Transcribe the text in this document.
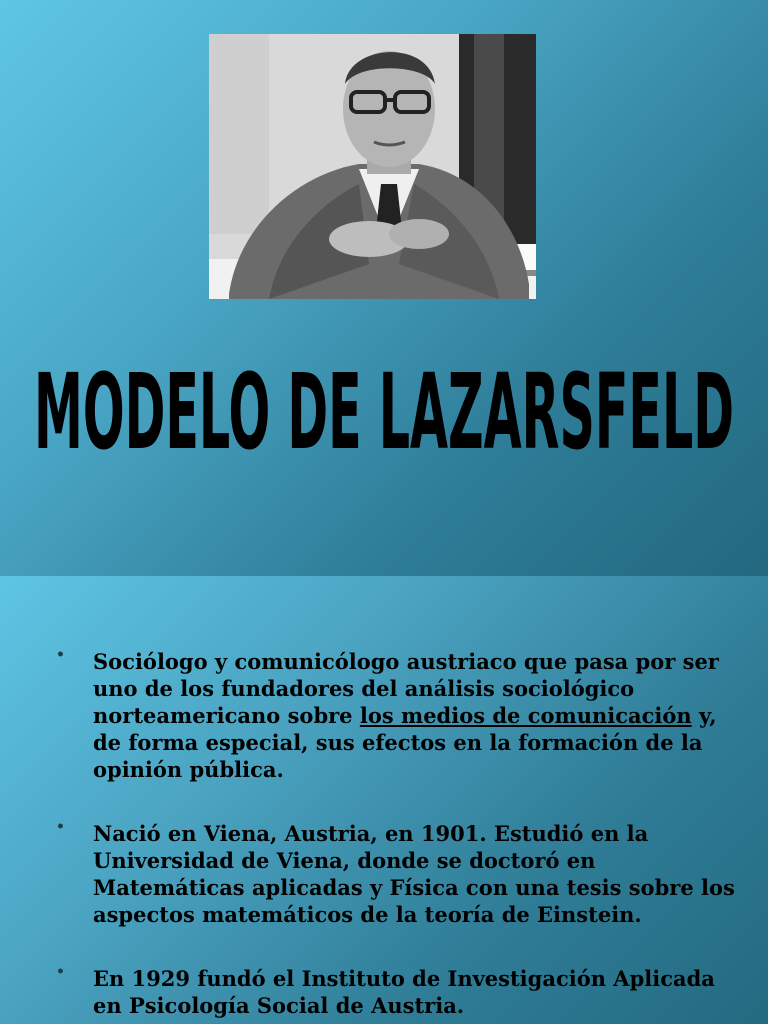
MODELO DE LAZARSFELD
• Sociólogo y comunicólogo austriaco que pasa por ser uno de los fundadores del análisis sociológico norteamericano sobre los medios de comunicación y, de forma especial, sus efectos en la formación de la opinión pública.
• Nació en Viena, Austria, en 1901. Estudió en la Universidad de Viena, donde se doctoró en Matemáticas aplicadas y Física con una tesis sobre los aspectos matemáticos de la teoría de Einstein.
• En 1929 fundó el Instituto de Investigación Aplicada en Psicología Social de Austria.
